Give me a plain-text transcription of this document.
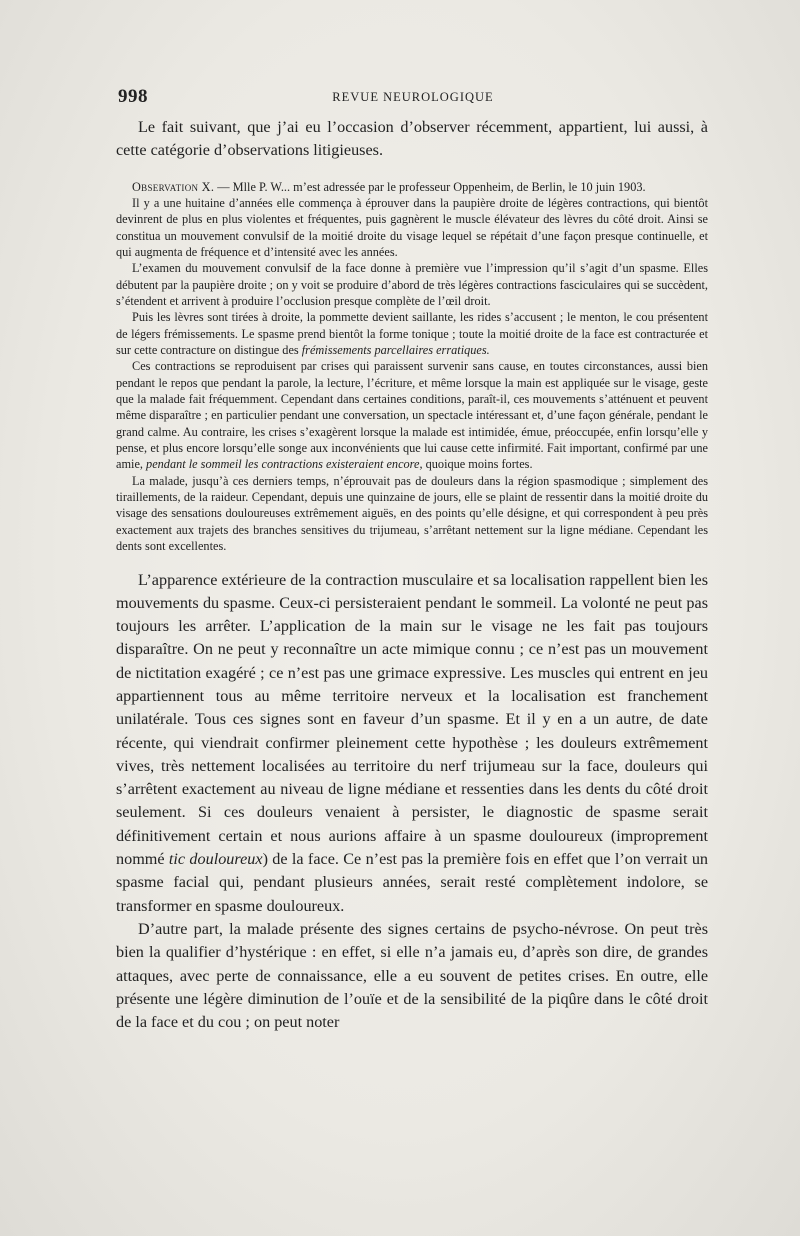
998	REVUE NEUROLOGIQUE

Le fait suivant, que j’ai eu l’occasion d’observer récemment, appartient, lui aussi, à cette catégorie d’observations litigieuses.

Observation X. — Mlle P. W... m’est adressée par le professeur Oppenheim, de Berlin, le 10 juin 1903.

Il y a une huitaine d’années elle commença à éprouver dans la paupière droite de légères contractions, qui bientôt devinrent de plus en plus violentes et fréquentes, puis gagnèrent le muscle élévateur des lèvres du côté droit. Ainsi se constitua un mouvement convulsif de la moitié droite du visage lequel se répétait d’une façon presque continuelle, et qui augmenta de fréquence et d’intensité avec les années.

L’examen du mouvement convulsif de la face donne à première vue l’impression qu’il s’agit d’un spasme. Elles débutent par la paupière droite ; on y voit se produire d’abord de très légères contractions fasciculaires qui se succèdent, s’étendent et arrivent à produire l’occlusion presque complète de l’œil droit.

Puis les lèvres sont tirées à droite, la pommette devient saillante, les rides s’accusent ; le menton, le cou présentent de légers frémissements. Le spasme prend bientôt la forme tonique ; toute la moitié droite de la face est contracturée et sur cette contracture on distingue des frémissements parcellaires erratiques.

Ces contractions se reproduisent par crises qui paraissent survenir sans cause, en toutes circonstances, aussi bien pendant le repos que pendant la parole, la lecture, l’écriture, et même lorsque la main est appliquée sur le visage, geste que la malade fait fréquemment. Cependant dans certaines conditions, paraît-il, ces mouvements s’atténuent et peuvent même disparaître ; en particulier pendant une conversation, un spectacle intéressant et, d’une façon générale, pendant le grand calme. Au contraire, les crises s’exagèrent lorsque la malade est intimidée, émue, préoccupée, enfin lorsqu’elle y pense, et plus encore lorsqu’elle songe aux inconvénients que lui cause cette infirmité. Fait important, confirmé par une amie, pendant le sommeil les contractions existeraient encore, quoique moins fortes.

La malade, jusqu’à ces derniers temps, n’éprouvait pas de douleurs dans la région spasmodique ; simplement des tiraillements, de la raideur. Cependant, depuis une quinzaine de jours, elle se plaint de ressentir dans la moitié droite du visage des sensations douloureuses extrêmement aiguës, en des points qu’elle désigne, et qui correspondent à peu près exactement aux trajets des branches sensitives du trijumeau, s’arrêtant nettement sur la ligne médiane. Cependant les dents sont excellentes.

L’apparence extérieure de la contraction musculaire et sa localisation rappellent bien les mouvements du spasme. Ceux-ci persisteraient pendant le sommeil. La volonté ne peut pas toujours les arrêter. L’application de la main sur le visage ne les fait pas toujours disparaître. On ne peut y reconnaître un acte mimique connu ; ce n’est pas un mouvement de nictitation exagéré ; ce n’est pas une grimace expressive. Les muscles qui entrent en jeu appartiennent tous au même territoire nerveux et la localisation est franchement unilatérale. Tous ces signes sont en faveur d’un spasme. Et il y en a un autre, de date récente, qui viendrait confirmer pleinement cette hypothèse ; les douleurs extrêmement vives, très nettement localisées au territoire du nerf trijumeau sur la face, douleurs qui s’arrêtent exactement au niveau de ligne médiane et ressenties dans les dents du côté droit seulement. Si ces douleurs venaient à persister, le diagnostic de spasme serait définitivement certain et nous aurions affaire à un spasme douloureux (improprement nommé tic douloureux) de la face. Ce n’est pas la première fois en effet que l’on verrait un spasme facial qui, pendant plusieurs années, serait resté complètement indolore, se transformer en spasme douloureux.

D’autre part, la malade présente des signes certains de psycho-névrose. On peut très bien la qualifier d’hystérique : en effet, si elle n’a jamais eu, d’après son dire, de grandes attaques, avec perte de connaissance, elle a eu souvent de petites crises. En outre, elle présente une légère diminution de l’ouïe et de la sensibilité de la piqûre dans le côté droit de la face et du cou ; on peut noter
